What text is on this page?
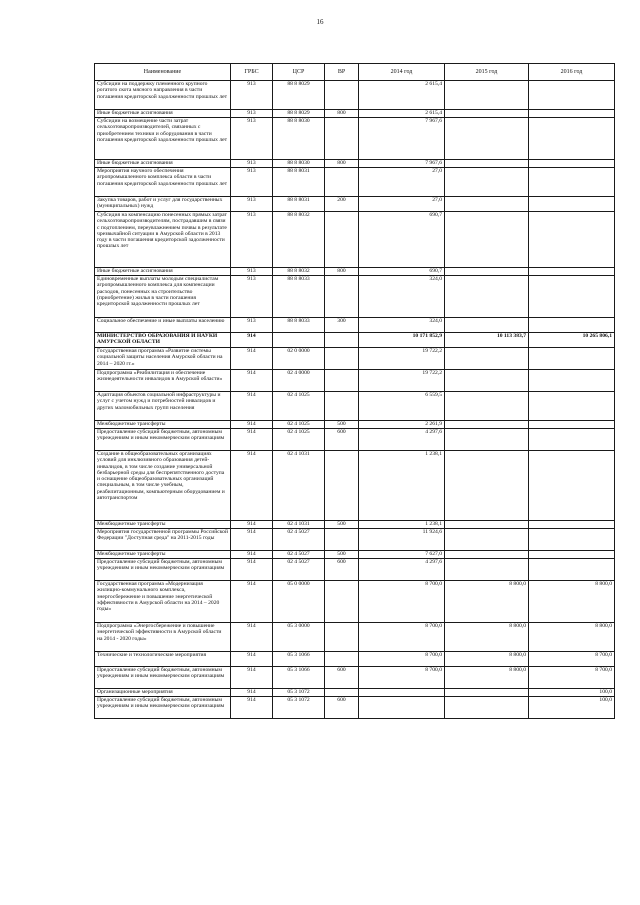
16
Наименование	ГРБС	ЦСР	ВР	2014 год	2015 год	2016 год
Субсидии на поддержку племенного крупного рогатого скота мясного направления в части погашения кредиторской задолженности прошлых лет	913	88 8 8029		2 615,4		
Иные бюджетные ассигнования	913	88 8 8029	800	2 615,4		
Субсидии на возмещение части затрат сельхозтоваропроизводителей, связанных с приобретением техники и оборудования в части погашения кредиторской задолженности прошлых лет	913	88 8 8030		7 967,6		
Иные бюджетные ассигнования	913	88 8 8030	800	7 967,6		
Мероприятия научного обеспечения агропромышленного комплекса области в части погашения кредиторской задолженности прошлых лет	913	88 8 8031		27,0		
Закупка товаров, работ и услуг для государственных (муниципальных) нужд	913	88 8 8031	200	27,0		
Субсидия на компенсацию понесенных прямых затрат сельхозтоваропроизводителям, пострадавшим в связи с подтоплением, переувлажнением почвы в результате чрезвычайной ситуации в Амурской области в 2013 году в части погашения кредиторской задолженности прошлых лет	913	88 8 8032		690,7		
Иные бюджетные ассигнования	913	88 8 8032	800	690,7		
Единовременные выплаты молодым специалистам агропромышленного комплекса для компенсации расходов, понесенных на строительство (приобретение) жилья в части погашения кредиторской задолженности прошлых лет	913	88 8 8033		324,0		
Социальное обеспечение и иные выплаты населению	913	88 8 8033	300	324,0		
МИНИСТЕРСТВО ОБРАЗОВАНИЯ И НАУКИ АМУРСКОЙ ОБЛАСТИ	914			10 171 852,9	10 113 383,7	10 265 806,1
Государственная программа «Развитие системы социальной защиты населения Амурской области на 2014 – 2020 гг.»	914	02 0 0000		19 722,2		
Подпрограмма «Реабилитация и обеспечение жизнедеятельности инвалидов в Амурской области»	914	02 4 0000		19 722,2		
Адаптация объектов социальной инфраструктуры и услуг с учетом нужд и потребностей инвалидов и других маломобильных групп населения	914	02 4 1025		6 559,5		
Межбюджетные трансферты	914	02 4 1025	500	2 261,9		
Предоставление субсидий бюджетным, автономным учреждениям и иным некоммерческим организациям	914	02 4 1025	600	4 297,6		
Создание в общеобразовательных организациях условий для инклюзивного образования детей-инвалидов, в том числе создание универсальной безбарьерной среды для беспрепятственного доступа и оснащение общеобразовательных организаций специальным, в том числе учебным, реабилитационным, компьютерным оборудованием и автотранспортом	914	02 4 1031		1 238,1		
Межбюджетные трансферты	914	02 4 1031	500	1 238,1		
Мероприятия государственной программы Российской Федерации "Доступная среда" на 2011-2015 годы	914	02 4 5027		11 924,6		
Межбюджетные трансферты	914	02 4 5027	500	7 627,0		
Предоставление субсидий бюджетным, автономным учреждениям и иным некоммерческим организациям	914	02 4 5027	600	4 297,6		
Государственная программа «Модернизация жилищно-коммунального комплекса, энергосбережение и повышение энергетической эффективности в Амурской области на 2014 – 2020 годы»	914	05 0 0000		8 700,0	8 800,0	8 800,0
Подпрограмма «Энергосбережение и повышение энергетической эффективности в Амурской области на 2014 - 2020 годы»	914	05 3 0000		8 700,0	8 800,0	8 800,0
Технические и технологические мероприятия	914	05 3 1066		8 700,0	8 800,0	8 700,0
Предоставление субсидий бюджетным, автономным учреждениям и иным некоммерческим организациям	914	05 3 1066	600	8 700,0	8 800,0	8 700,0
Организационные мероприятия	914	05 3 1072				100,0
Предоставление субсидий бюджетным, автономным учреждениям и иным некоммерческим организациям	914	05 3 1072	600			100,0
